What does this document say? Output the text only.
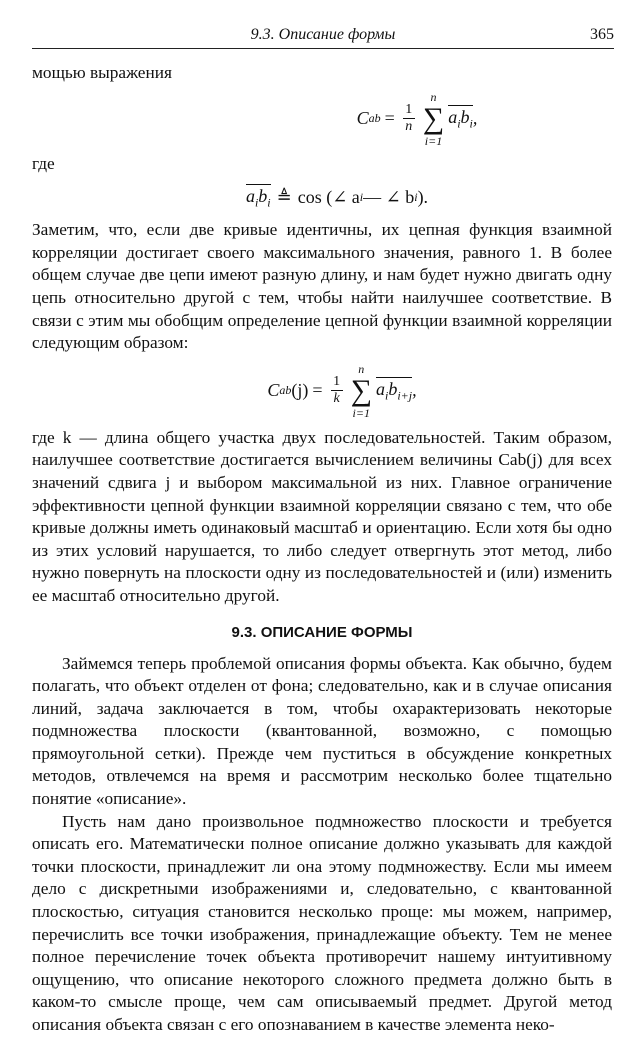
9.3. Описание формы	365

мощью выражения

C ab = $\frac{1}{n}$
n
∑
i=1
$a_ib_i$ ,

где

$a_ib_i$ ≜ cos (∠ a i — ∠ b i ).

Заметим, что, если две кривые идентичны, их цепная функция взаимной корреляции достигает своего максимального значения, равного 1. В более общем случае две цепи имеют разную длину, и нам будет нужно двигать одну цепь относительно другой с тем, чтобы найти наилучшее соответствие. В связи с этим мы обобщим определение цепной функции взаимной корреляции следующим образом:

C ab $(j) = \frac{1}{k}$
n
∑
i=1
$a_ib_{i+j}$ ,

где k — длина общего участка двух последовательностей. Таким образом, наилучшее соответствие достигается вычислением величины Cab(j) для всех значений сдвига j и выбором максимальной из них. Главное ограничение эффективности цепной функции взаимной корреляции связано с тем, что обе кривые должны иметь одинаковый масштаб и ориентацию. Если хотя бы одно из этих условий нарушается, то либо следует отвергнуть этот метод, либо нужно повернуть на плоскости одну из последовательностей и (или) изменить ее масштаб относительно другой.

9.3. ОПИСАНИЕ ФОРМЫ

Займемся теперь проблемой описания формы объекта. Как обычно, будем полагать, что объект отделен от фона; следовательно, как и в случае описания линий, задача заключается в том, чтобы охарактеризовать некоторые подмножества плоскости (квантованной, возможно, с помощью прямоугольной сетки). Прежде чем пуститься в обсуждение конкретных методов, отвлечемся на время и рассмотрим несколько более тщательно понятие «описание».

Пусть нам дано произвольное подмножество плоскости и требуется описать его. Математически полное описание должно указывать для каждой точки плоскости, принадлежит ли она этому подмножеству. Если мы имеем дело с дискретными изображениями и, следовательно, с квантованной плоскостью, ситуация становится несколько проще: мы можем, например, перечислить все точки изображения, принадлежащие объекту. Тем не менее полное перечисление точек объекта противоречит нашему интуитивному ощущению, что описание некоторого сложного предмета должно быть в каком-то смысле проще, чем сам описываемый предмет. Другой метод описания объекта связан с его опознаванием в качестве элемента неко-
